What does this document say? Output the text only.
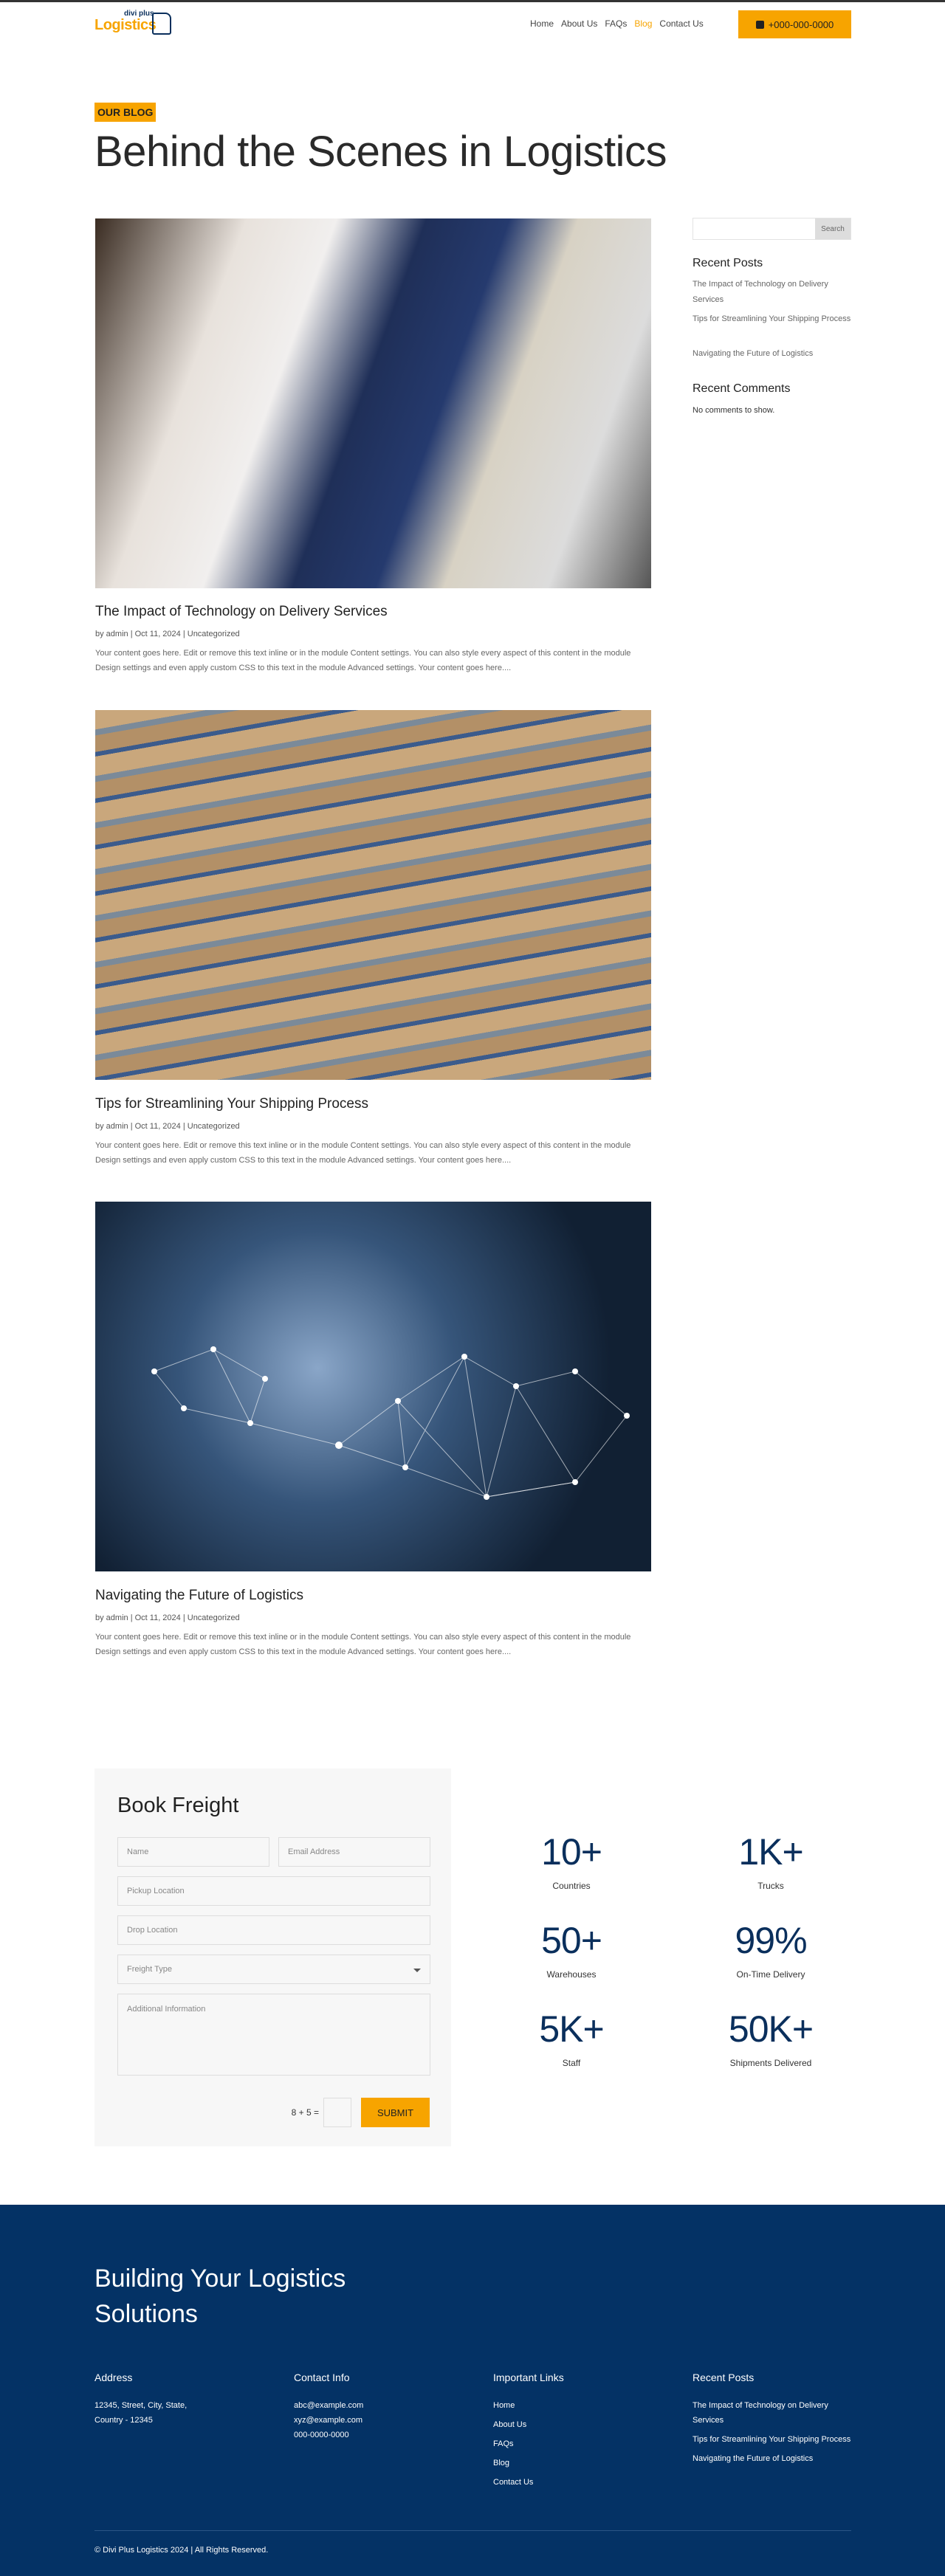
divi plus
Logistics	Home About Us FAQs Blog Contact Us	+000-000-0000
OUR BLOG
Behind the Scenes in Logistics
The Impact of Technology on Delivery Services
by admin | Oct 11, 2024 | Uncategorized
Your content goes here. Edit or remove this text inline or in the module Content settings. You can also style every aspect of this content in the module Design settings and even apply custom CSS to this text in the module Advanced settings. Your content goes here....
Tips for Streamlining Your Shipping Process
by admin | Oct 11, 2024 | Uncategorized
Your content goes here. Edit or remove this text inline or in the module Content settings. You can also style every aspect of this content in the module Design settings and even apply custom CSS to this text in the module Advanced settings. Your content goes here....
Navigating the Future of Logistics
by admin | Oct 11, 2024 | Uncategorized
Your content goes here. Edit or remove this text inline or in the module Content settings. You can also style every aspect of this content in the module Design settings and even apply custom CSS to this text in the module Advanced settings. Your content goes here....
Search
Recent Posts
The Impact of Technology on Delivery Services
Tips for Streamlining Your Shipping Process
Navigating the Future of Logistics
Recent Comments
No comments to show.
Book Freight
Name	Email Address
Pickup Location
Drop Location
Freight Type
Additional Information
8 + 5 =	SUBMIT
10+
Countries
1K+
Trucks
50+
Warehouses
99%
On-Time Delivery
5K+
Staff
50K+
Shipments Delivered
Building Your Logistics Solutions
Address
12345, Street, City, State, Country - 12345
Contact Info
abc@example.com
xyz@example.com
000-0000-0000
Important Links
Home
About Us
FAQs
Blog
Contact Us
Recent Posts
The Impact of Technology on Delivery Services
Tips for Streamlining Your Shipping Process
Navigating the Future of Logistics
© Divi Plus Logistics 2024 | All Rights Reserved.
